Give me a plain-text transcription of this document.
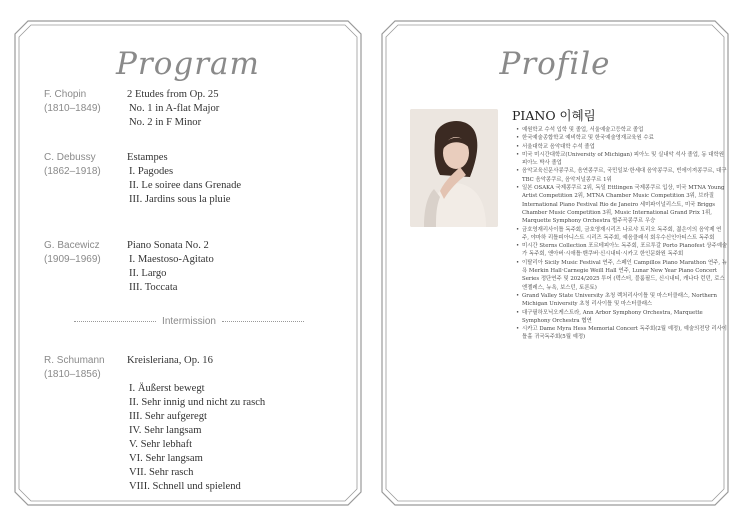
Program
F. Chopin
(1810–1849)
2 Etudes from Op. 25
No. 1 in A-flat Major
No. 2 in F Minor
C. Debussy
(1862–1918)
Estampes
I. Pagodes
II. Le soiree dans Grenade
III. Jardins sous la pluie
G. Bacewicz
(1909–1969)
Piano Sonata No. 2
I. Maestoso-Agitato
II. Largo
III. Toccata
Intermission
R. Schumann
(1810–1856)
Kreisleriana, Op. 16
I. Äußerst bewegt
II. Sehr innig und nicht zu rasch
III. Sehr aufgeregt
IV. Sehr langsam
V. Sehr lebhaft
VI. Sehr langsam
VII. Sehr rasch
VIII. Schnell und spielend
Profile
PIANO 이혜림
• 예원학교 수석 입학 및 졸업, 서울예술고등학교 졸업
• 한국예술종합학교 예비학교 및 한국예술영재교육원 수료
• 서울대학교 음악대학 수석 졸업
• 미국 미시간대학교(University of Michigan) 피아노 및 실내악 석사 졸업, 동 대학원 피아노 박사 졸업
• 음악교육신문사콩쿠르, 음연콩쿠르, 국민일보·한세대 음악콩쿠르, 빈에이져콩쿠르, 대구 TBC 음악콩쿠르, 음악저널콩쿠르 1위
• 일본 OSAKA 국제콩쿠르 2위, 독일 Ettlingen 국제콩쿠르 입상, 미국 MTNA Young Artist Competition 2위, MTNA Chamber Music Competition 3위, 브라질 International Piano Festival Rio de Janeiro 세미파이널리스트, 미국 Briggs Chamber Music Competition 3위, Music International Grand Prix 1위, Marquette Symphony Orchestra 협주곡콩쿠르 우승
• 금호영재리사이틀 독주회, 금호영재시리즈 나르샤 트리오 독주회, 젊은이의 음악제 연주, 야마하 리틀피아니스트 시리즈 독주회, 예음클래식 회우수신인아티스트 독주회
• 미시간 Sterns Collection 포르테피아노 독주회, 포르투갈 Porto Pianofest 상주예술가 독주회, 앤아버·시애틀·밴쿠버·신시내티·시카고 한인문화원 독주회
• 이탈리아 Sicily Music Festival 연주, 스페인 Campillos Piano Marathon 연주, 뉴욕 Merkin Hall·Carnegie Weill Hall 연주, Lunar New Year Piano Concert Series 정단연주 및 2024/2025 투어 (텍스터, 블룸필드, 신시내티, 캐나다 런던, 로스엔젤레스, 뉴욕, 보스턴, 토론토)
• Grand Valley State University 초청 렉처리사이틀 및 마스터클래스, Northern Michigan University 초청 리사이틀 및 마스터클래스
• 대구필하모닉오케스트라, Ann Arbor Symphony Orchestra, Marquette Symphony Orchestra 협연
• 시카고 Dame Myra Hess Memorial Concert 독주회(2월 예정), 예술의전당 리사이틀홀 귀국독주회(5월 예정)
